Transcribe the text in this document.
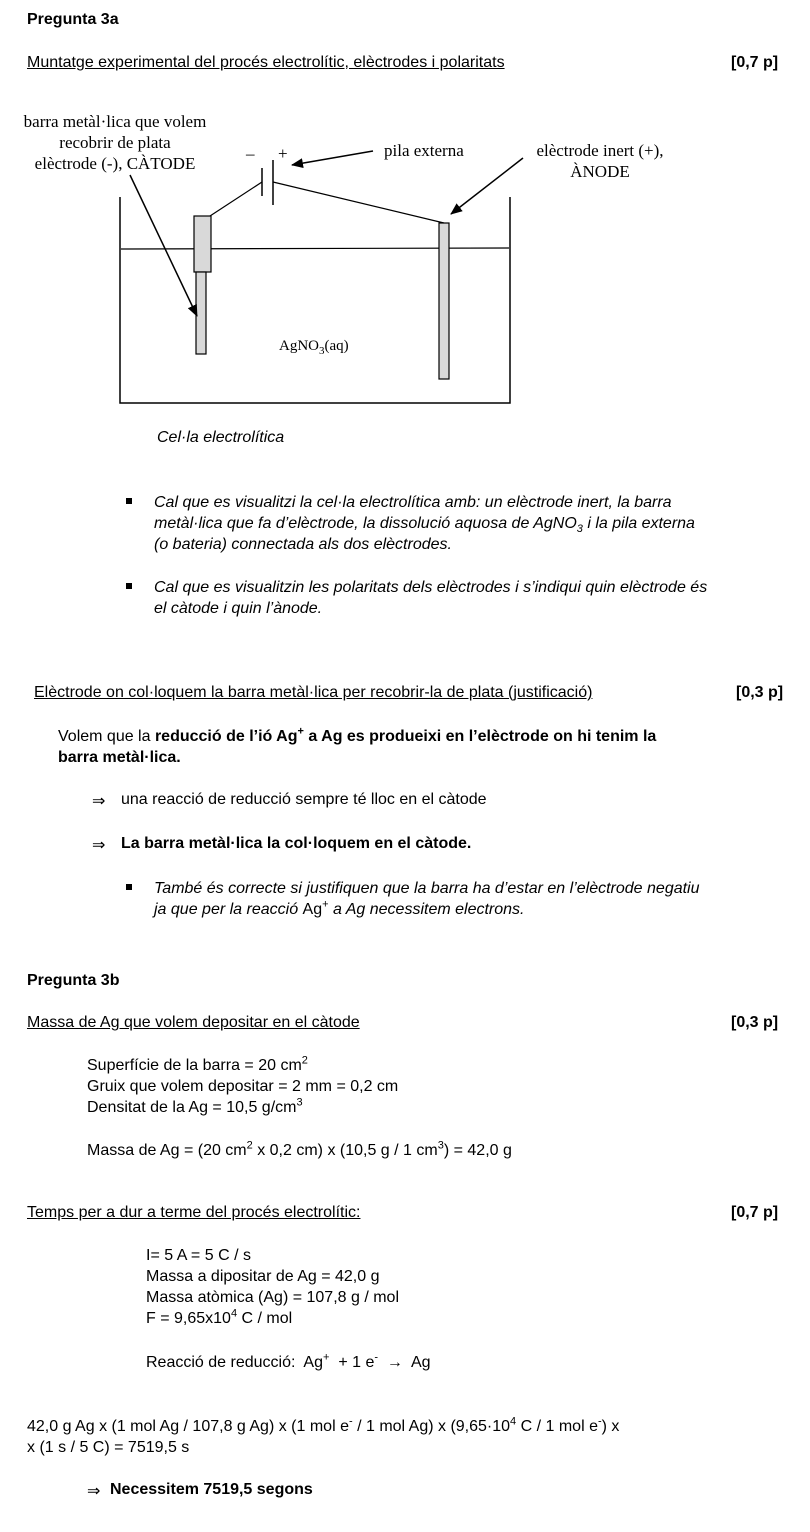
Pregunta 3a
Muntatge experimental del procés electrolític, elèctrodes i polaritats	[0,7 p]
barra metàl·lica que volem
recobrir de plata
elèctrode (-), CÀTODE
– +	pila externa	elèctrode inert (+),
ÀNODE
AgNO$_3$(aq)
Cel·la electrolítica
Cal que es visualitzi la cel·la electrolítica amb: un elèctrode inert, la barra
metàl·lica que fa d’elèctrode, la dissolució aquosa de AgNO$_3$ i la pila externa
(o bateria) connectada als dos elèctrodes.
Cal que es visualitzin les polaritats dels elèctrodes i s’indiqui quin elèctrode és
el càtode i quin l’ànode.
Elèctrode on col·loquem la barra metàl·lica per recobrir-la de plata (justificació)	[0,3 p]
Volem que la reducció de l’ió Ag+ a Ag es produeixi en l’elèctrode on hi tenim la
barra metàl·lica.
⇒ una reacció de reducció sempre té lloc en el càtode
⇒ La barra metàl·lica la col·loquem en el càtode.
També és correcte si justifiquen que la barra ha d’estar en l’elèctrode negatiu
ja que per la reacció Ag+ a Ag necessitem electrons.
Pregunta 3b
Massa de Ag que volem depositar en el càtode	[0,3 p]
Superfície de la barra = 20 $cm^2$
Gruix que volem depositar = 2 mm = 0,2 cm
Densitat de la Ag = 10,5 $g/cm^3$
Massa de Ag = (20 $cm^2$ x 0,2 cm) x (10,5 g / 1 $cm^3) = 42,0$ g
Temps per a dur a terme del procés electrolític:	[0,7 p]
I= 5 A = 5 C / s
Massa a dipositar de Ag = 42,0 g
Massa atòmica (Ag) = 107,8 g / mol
$F = 9,65x10^4$ C / mol
Reacció de reducció:  Ag+  + 1 e-  →  Ag
42,0 g Ag x (1 mol Ag / 107,8 g Ag) x (1 mol e- / 1 mol Ag) x ($9,65\cdot 10^4$ C / 1 mol e-) x
x (1 s / 5 C) = 7519,5 s
⇒ Necessitem 7519,5 segons
